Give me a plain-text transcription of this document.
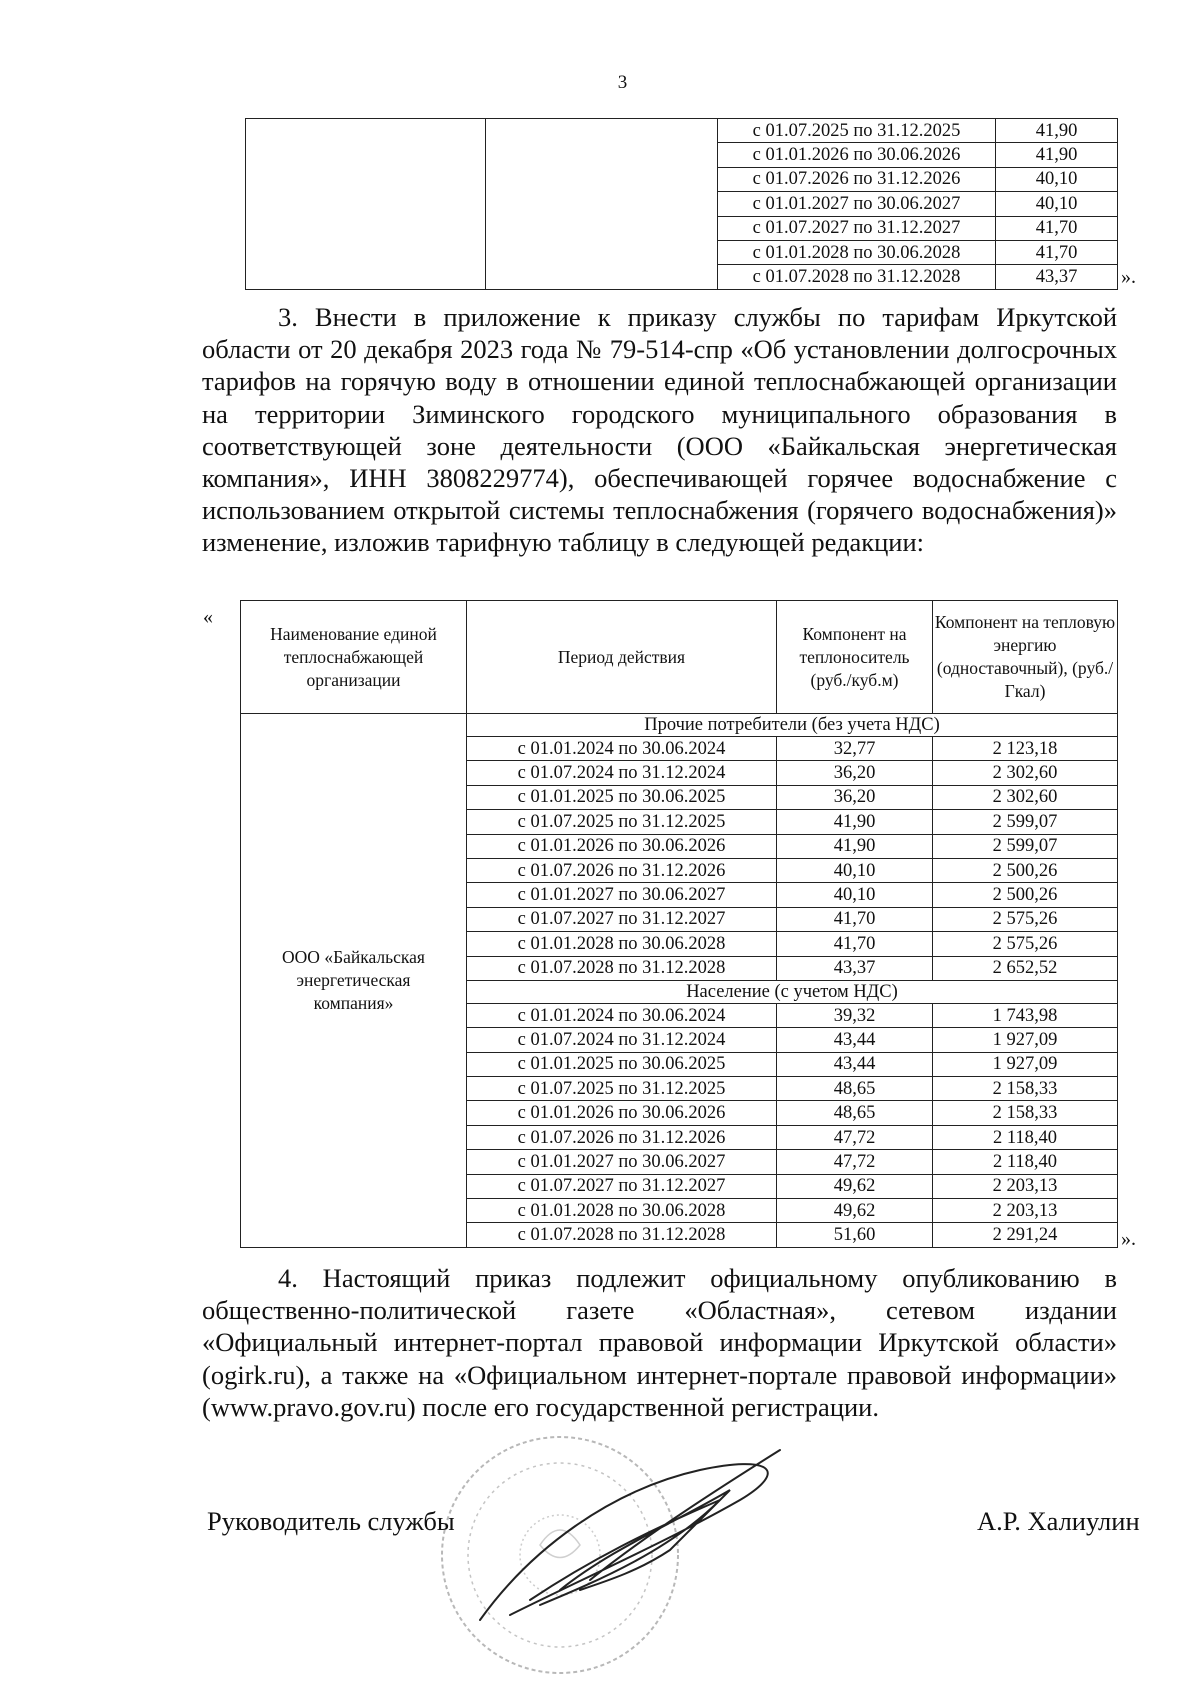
3
		с 01.07.2025 по 31.12.2025	41,90
		с 01.01.2026 по 30.06.2026	41,90
		с 01.07.2026 по 31.12.2026	40,10
		с 01.01.2027 по 30.06.2027	40,10
		с 01.07.2027 по 31.12.2027	41,70
		с 01.01.2028 по 30.06.2028	41,70
		с 01.07.2028 по 31.12.2028	43,37 ».
3. Внести в приложение к приказу службы по тарифам Иркутской области от 20 декабря 2023 года № 79-514-спр «Об установлении долгосрочных тарифов на горячую воду в отношении единой теплоснабжающей организации на территории Зиминского городского муниципального образования в соответствующей зоне деятельности (ООО «Байкальская энергетическая компания», ИНН 3808229774), обеспечивающей горячее водоснабжение с использованием открытой системы теплоснабжения (горячего водоснабжения)» изменение, изложив тарифную таблицу в следующей редакции:
«
Наименование единой теплоснабжающей организации	Период действия	Компонент на теплоноситель (руб./куб.м)	Компонент на тепловую энергию (одноставочный), (руб./Гкал)
ООО «Байкальская энергетическая компания»	Прочие потребители (без учета НДС)		
	с 01.01.2024 по 30.06.2024	32,77	2 123,18
	с 01.07.2024 по 31.12.2024	36,20	2 302,60
	с 01.01.2025 по 30.06.2025	36,20	2 302,60
	с 01.07.2025 по 31.12.2025	41,90	2 599,07
	с 01.01.2026 по 30.06.2026	41,90	2 599,07
	с 01.07.2026 по 31.12.2026	40,10	2 500,26
	с 01.01.2027 по 30.06.2027	40,10	2 500,26
	с 01.07.2027 по 31.12.2027	41,70	2 575,26
	с 01.01.2028 по 30.06.2028	41,70	2 575,26
	с 01.07.2028 по 31.12.2028	43,37	2 652,52
	Население (с учетом НДС)		
	с 01.01.2024 по 30.06.2024	39,32	1 743,98
	с 01.07.2024 по 31.12.2024	43,44	1 927,09
	с 01.01.2025 по 30.06.2025	43,44	1 927,09
	с 01.07.2025 по 31.12.2025	48,65	2 158,33
	с 01.01.2026 по 30.06.2026	48,65	2 158,33
	с 01.07.2026 по 31.12.2026	47,72	2 118,40
	с 01.01.2027 по 30.06.2027	47,72	2 118,40
	с 01.07.2027 по 31.12.2027	49,62	2 203,13
	с 01.01.2028 по 30.06.2028	49,62	2 203,13
	с 01.07.2028 по 31.12.2028	51,60	2 291,24	».
4. Настоящий приказ подлежит официальному опубликованию в общественно-политической газете «Областная», сетевом издании «Официальный интернет-портал правовой информации Иркутской области» (ogirk.ru), а также на «Официальном интернет-портале правовой информации» (www.pravo.gov.ru) после его государственной регистрации.
Руководитель службы	А.Р. Халиулин
